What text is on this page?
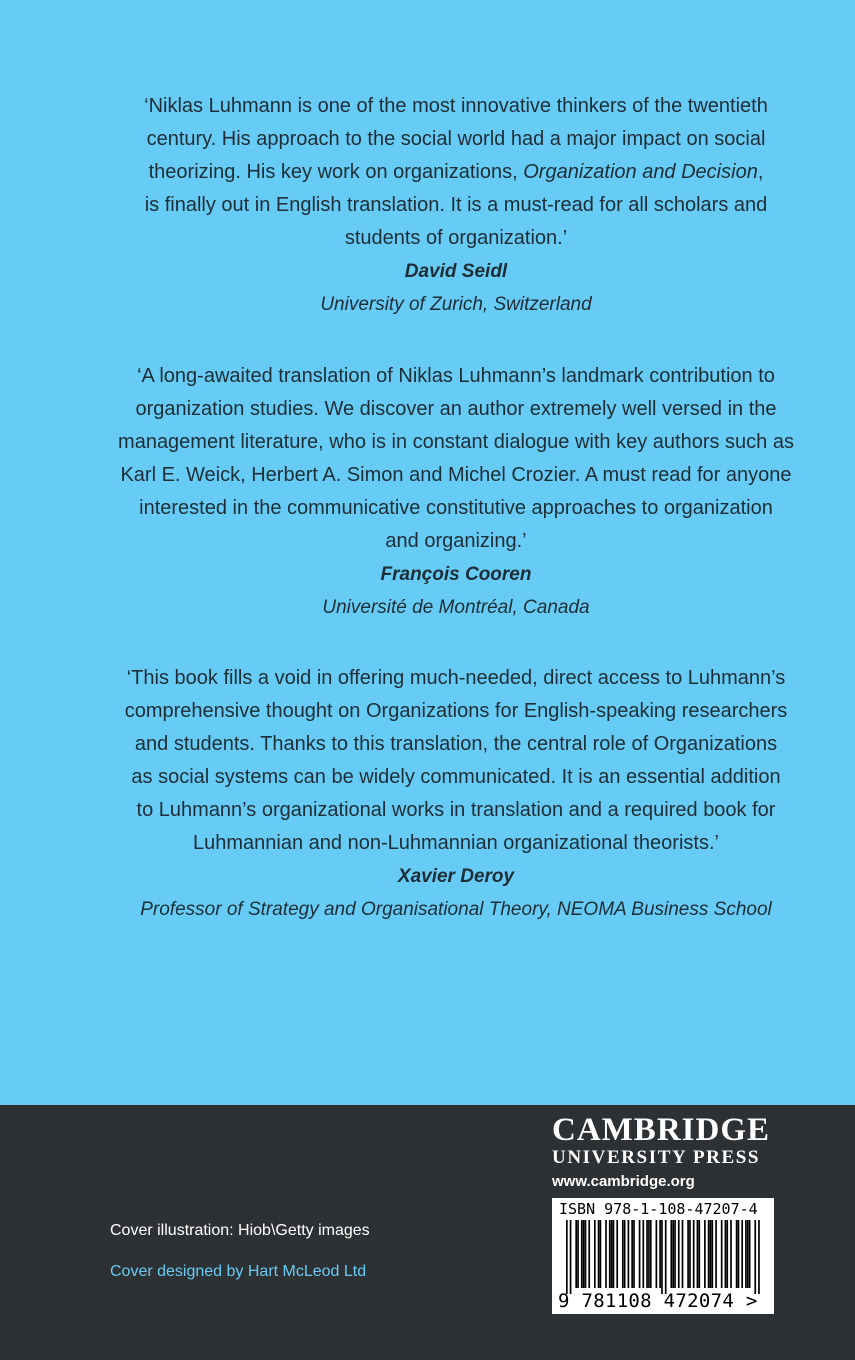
‘Niklas Luhmann is one of the most innovative thinkers of the twentieth
century. His approach to the social world had a major impact on social
theorizing. His key work on organizations, Organization and Decision,
is finally out in English translation. It is a must-read for all scholars and
students of organization.’

David Seidl

University of Zurich, Switzerland

‘A long-awaited translation of Niklas Luhmann’s landmark contribution to
organization studies. We discover an author extremely well versed in the
management literature, who is in constant dialogue with key authors such as
Karl E. Weick, Herbert A. Simon and Michel Crozier. A must read for anyone
interested in the communicative constitutive approaches to organization
and organizing.’

François Cooren

Université de Montréal, Canada

‘This book fills a void in offering much-needed, direct access to Luhmann’s
comprehensive thought on Organizations for English-speaking researchers
and students. Thanks to this translation, the central role of Organizations
as social systems can be widely communicated. It is an essential addition
to Luhmann’s organizational works in translation and a required book for
Luhmannian and non-Luhmannian organizational theorists.’

Xavier Deroy

Professor of Strategy and Organisational Theory, NEOMA Business School

Cover illustration: Hiob\Getty images
Cover designed by Hart McLeod Ltd

CAMBRIDGE

UNIVERSITY PRESS

www.cambridge.org

ISBN 978-1-108-47207-4
9 781108 472074 >
